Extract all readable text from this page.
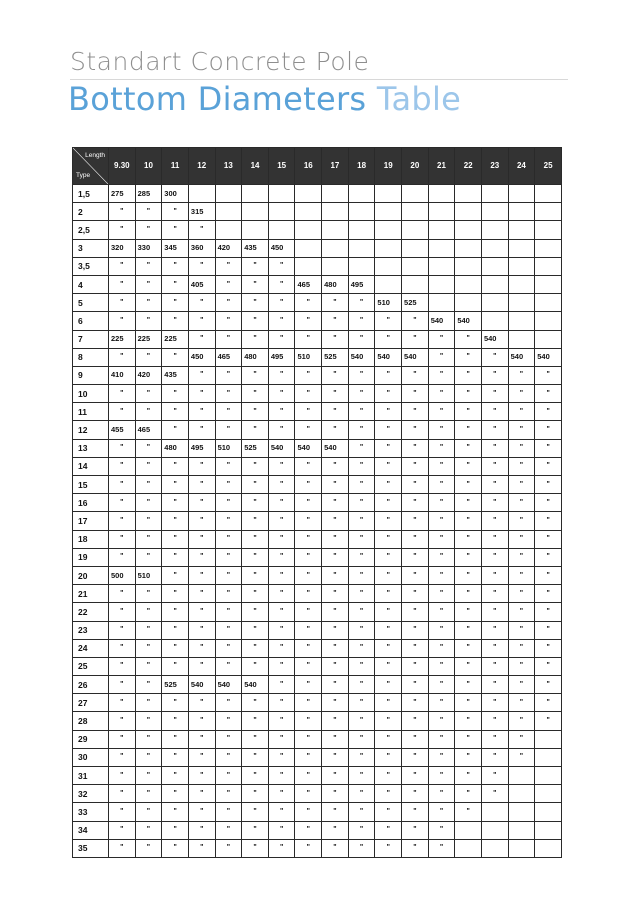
Standart Concrete Pole
Bottom Diameters Table
Length
Type	9.30	10	11	12	13	14	15	16	17	18	19	20	21	22	23	24	25
1,5	275	285	300														
2	"	"	"	315													
2,5	"	"	"	"													
3	320	330	345	360	420	435	450										
3,5	"	"	"	"	"	"	"										
4	"	"	"	405	"	"	"	465	480	495							
5	"	"	"	"	"	"	"	"	"	"	510	525					
6	"	"	"	"	"	"	"	"	"	"	"	"	540	540			
7	225	225	225	"	"	"	"	"	"	"	"	"	"	"	540		
8	"	"	"	450	465	480	495	510	525	540	540	540	"	"	"	540	540
9	410	420	435	"	"	"	"	"	"	"	"	"	"	"	"	"	"
10	"	"	"	"	"	"	"	"	"	"	"	"	"	"	"	"	"
11	"	"	"	"	"	"	"	"	"	"	"	"	"	"	"	"	"
12	455	465	"	"	"	"	"	"	"	"	"	"	"	"	"	"	"
13	"	"	480	495	510	525	540	540	540	"	"	"	"	"	"	"	"
14	"	"	"	"	"	"	"	"	"	"	"	"	"	"	"	"	"
15	"	"	"	"	"	"	"	"	"	"	"	"	"	"	"	"	"
16	"	"	"	"	"	"	"	"	"	"	"	"	"	"	"	"	"
17	"	"	"	"	"	"	"	"	"	"	"	"	"	"	"	"	"
18	"	"	"	"	"	"	"	"	"	"	"	"	"	"	"	"	"
19	"	"	"	"	"	"	"	"	"	"	"	"	"	"	"	"	"
20	500	510	"	"	"	"	"	"	"	"	"	"	"	"	"	"	"
21	"	"	"	"	"	"	"	"	"	"	"	"	"	"	"	"	"
22	"	"	"	"	"	"	"	"	"	"	"	"	"	"	"	"	"
23	"	"	"	"	"	"	"	"	"	"	"	"	"	"	"	"	"
24	"	"	"	"	"	"	"	"	"	"	"	"	"	"	"	"	"
25	"	"	"	"	"	"	"	"	"	"	"	"	"	"	"	"	"
26	"	"	525	540	540	540	"	"	"	"	"	"	"	"	"	"	"
27	"	"	"	"	"	"	"	"	"	"	"	"	"	"	"	"	"
28	"	"	"	"	"	"	"	"	"	"	"	"	"	"	"	"	"
29	"	"	"	"	"	"	"	"	"	"	"	"	"	"	"	"	
30	"	"	"	"	"	"	"	"	"	"	"	"	"	"	"	"	
31	"	"	"	"	"	"	"	"	"	"	"	"	"	"	"		
32	"	"	"	"	"	"	"	"	"	"	"	"	"	"	"		
33	"	"	"	"	"	"	"	"	"	"	"	"	"	"			
34	"	"	"	"	"	"	"	"	"	"	"	"	"				
35	"	"	"	"	"	"	"	"	"	"	"	"	"				
